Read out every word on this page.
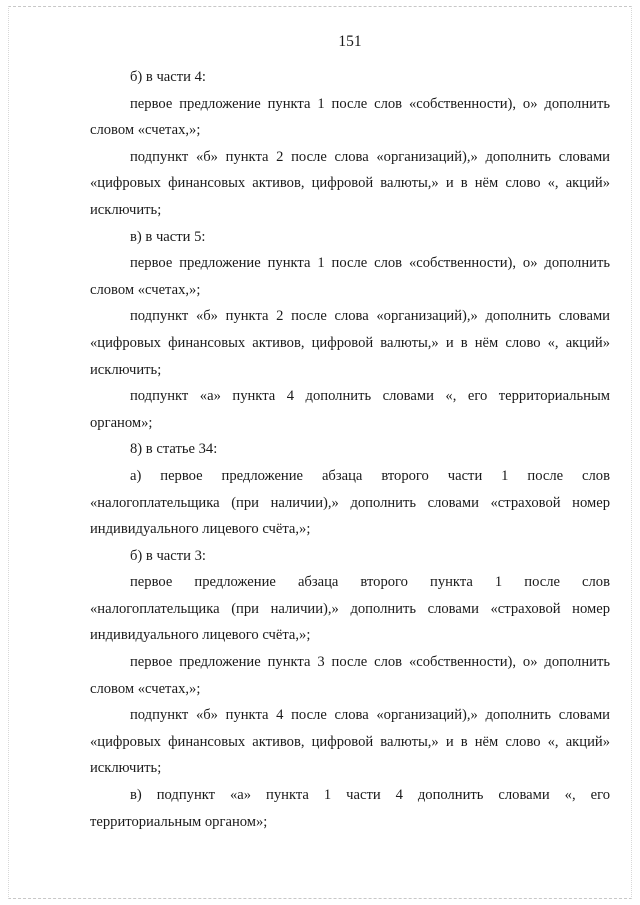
151

б) в части 4:

первое предложение пункта 1 после слов «собственности), о» дополнить словом «счетах,»;

подпункт «б» пункта 2 после слова «организаций),» дополнить словами «цифровых финансовых активов, цифровой валюты,» и в нём слово «, акций» исключить;

в) в части 5:

первое предложение пункта 1 после слов «собственности), о» дополнить словом «счетах,»;

подпункт «б» пункта 2 после слова «организаций),» дополнить словами «цифровых финансовых активов, цифровой валюты,» и в нём слово «, акций» исключить;

подпункт «а» пункта 4 дополнить словами «, его территориальным органом»;

8) в статье 34:

а) первое предложение абзаца второго части 1 после слов «налогоплательщика (при наличии),» дополнить словами «страховой номер индивидуального лицевого счёта,»;

б) в части 3:

первое предложение абзаца второго пункта 1 после слов «налогоплательщика (при наличии),» дополнить словами «страховой номер индивидуального лицевого счёта,»;

первое предложение пункта 3 после слов «собственности), о» дополнить словом «счетах,»;

подпункт «б» пункта 4 после слова «организаций),» дополнить словами «цифровых финансовых активов, цифровой валюты,» и в нём слово «, акций» исключить;

в) подпункт «а» пункта 1 части 4 дополнить словами «, его территориальным органом»;
